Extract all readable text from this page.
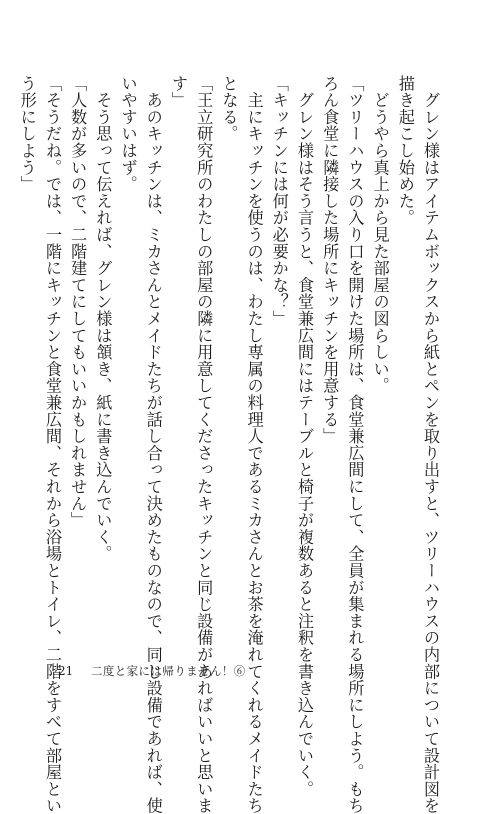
　グレン様はアイテムボックスから紙とペンを取り出すと、ツリーハウスの内部について設計図を
描き起こし始めた。
　どうやら真上から見た部屋の図らしい。
「ツリーハウスの入り口を開けた場所は、食堂兼広間にして、全員が集まれる場所にしよう。もち
ろん食堂に隣接した場所にキッチンを用意する」
　グレン様はそう言うと、食堂兼広間にはテーブルと椅子が複数あると注釈を書き込んでいく。
「キッチンには何が必要かな？」
　主にキッチンを使うのは、わたし専属の料理人であるミカさんとお茶を淹れてくれるメイドたち
となる。
「王立研究所のわたしの部屋の隣に用意してくださったキッチンと同じ設備があればいいと思いま
す」
　あのキッチンは、ミカさんとメイドたちが話し合って決めたものなので、同じ設備であれば、使
いやすいはず。
　そう思って伝えれば、グレン様は頷き、紙に書き込んでいく。
「人数が多いので、二階建てにしてもいいかもしれません」
「そうだね。では、一階にキッチンと食堂兼広間、それから浴場とトイレ、二階をすべて部屋とい
う形にしよう」
21 二度と家には帰りません！⑥
